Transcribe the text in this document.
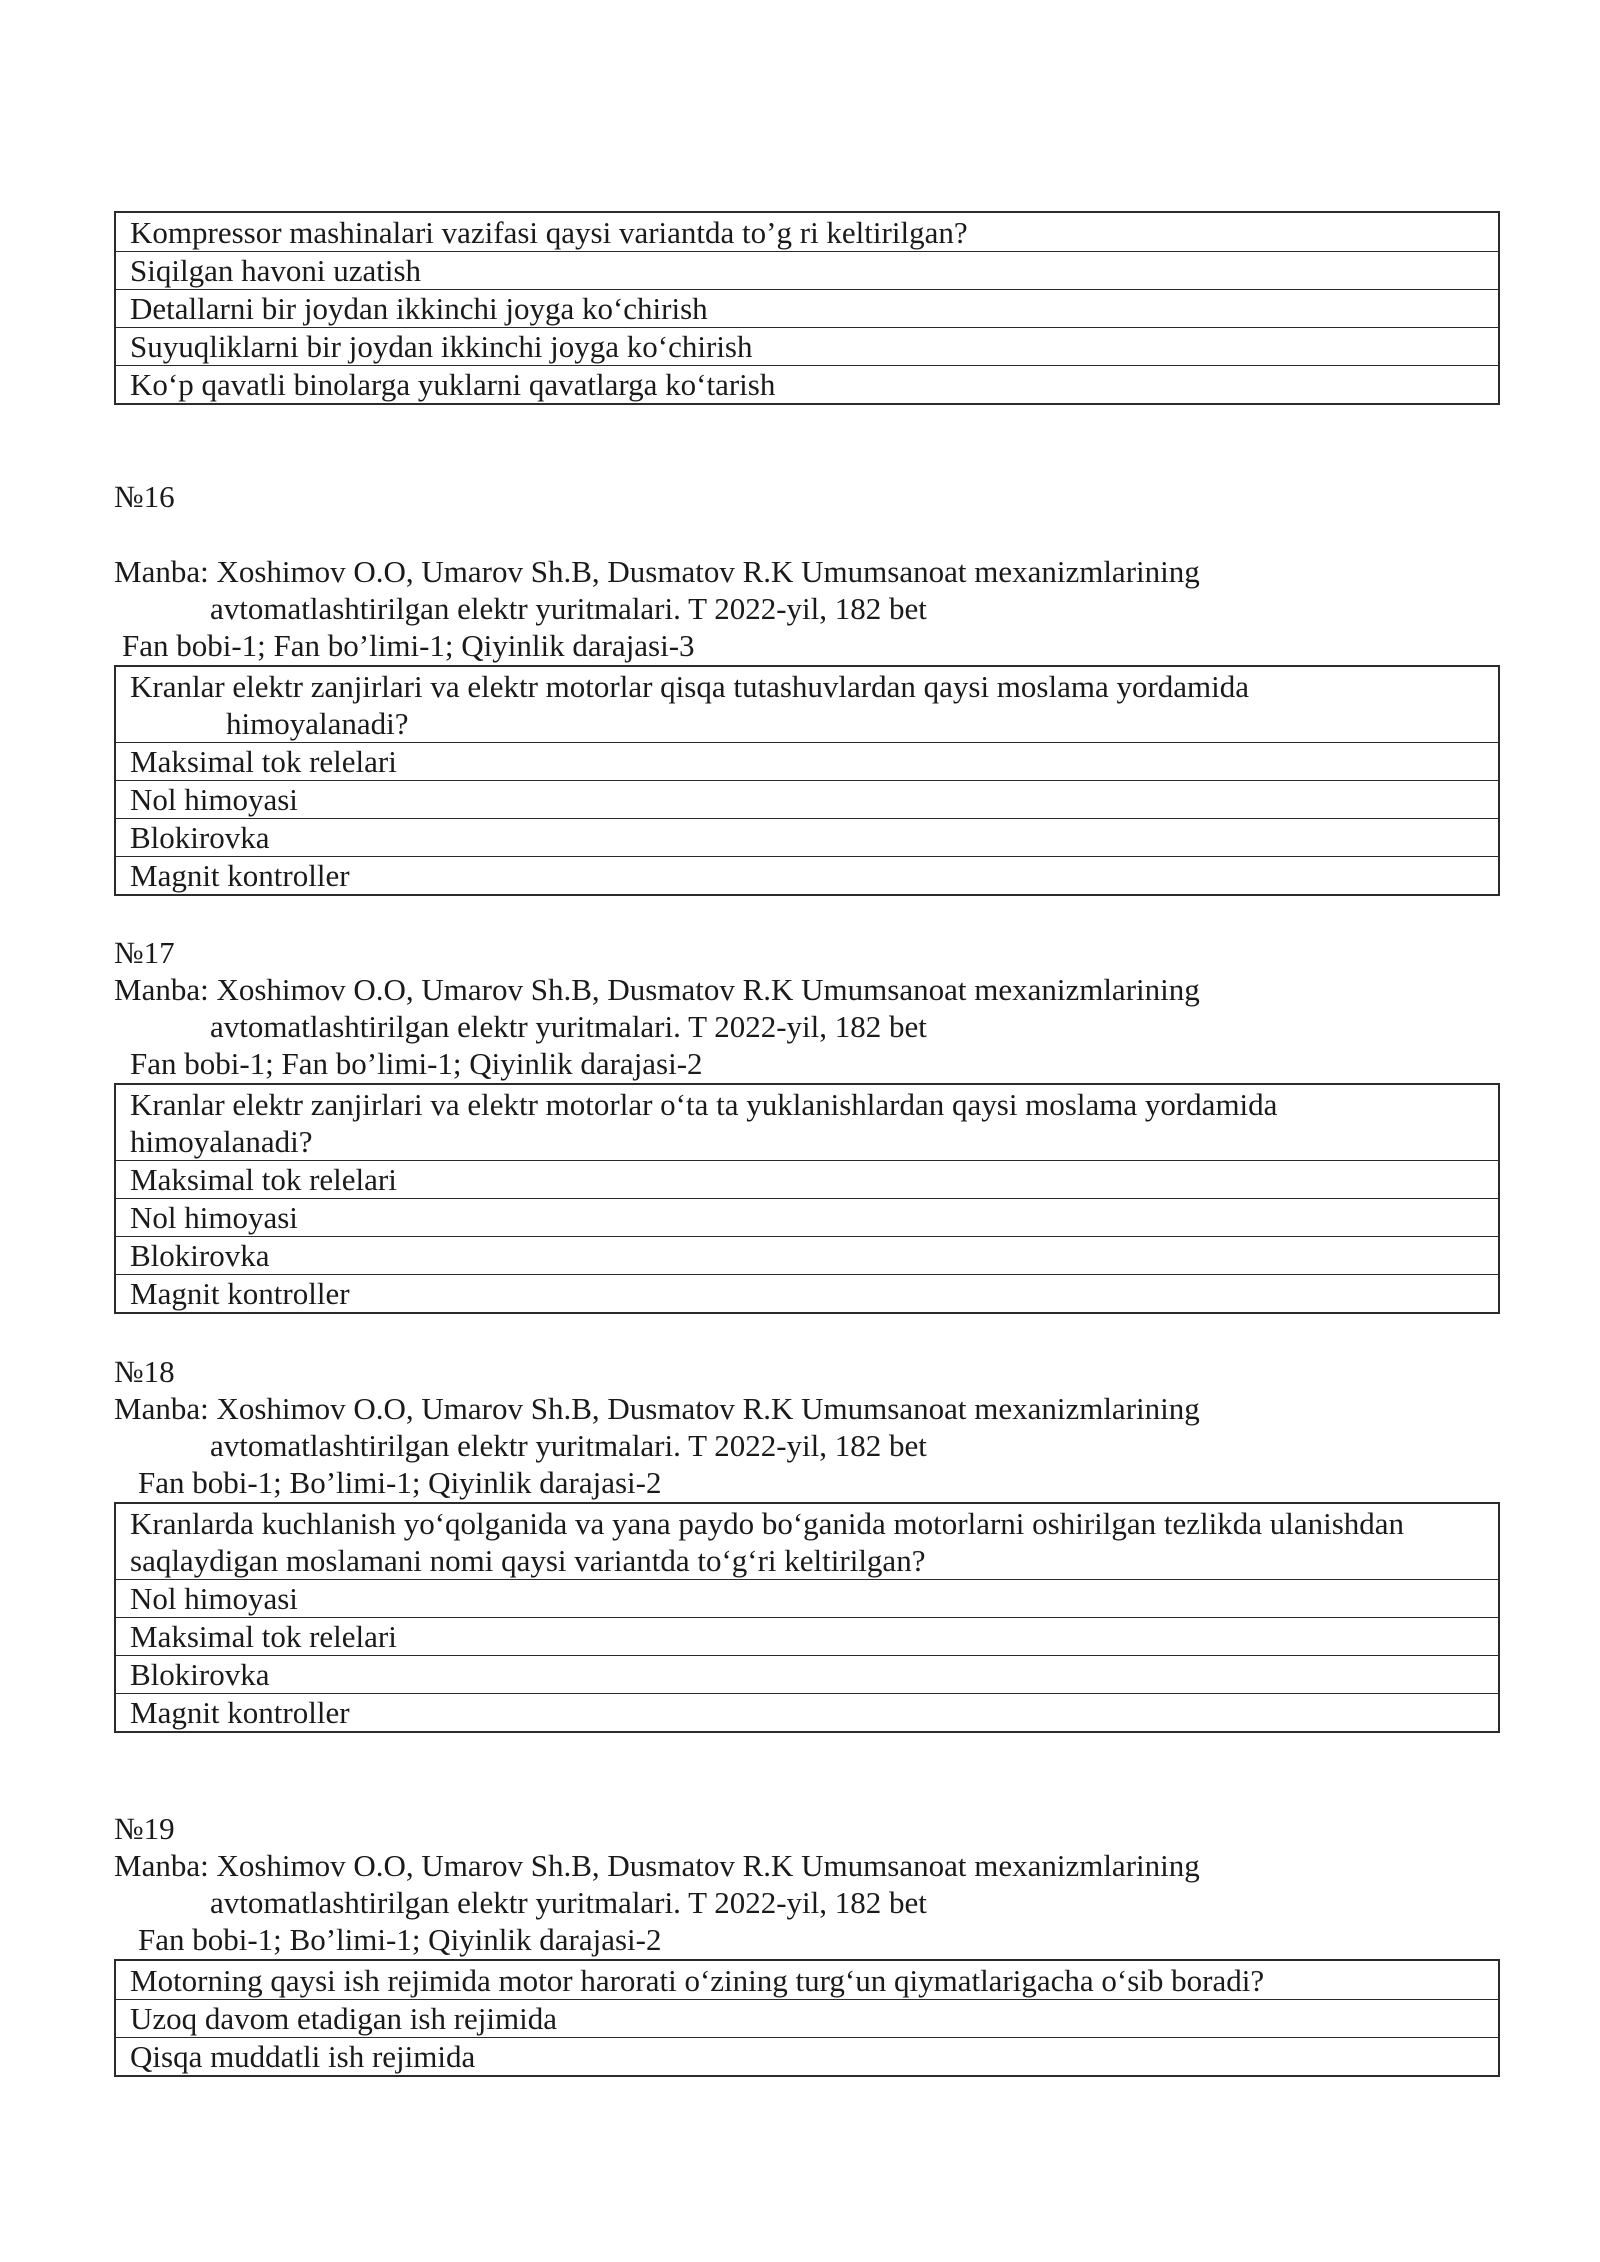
Kompressor mashinalari vazifasi qaysi variantda to’g ri keltirilgan?
Siqilgan havoni uzatish
Detallarni bir joydan ikkinchi joyga ko‘chirish
Suyuqliklarni bir joydan ikkinchi joyga ko‘chirish
Ko‘p qavatli binolarga yuklarni qavatlarga ko‘tarish
№16
Manba: Xoshimov O.O, Umarov Sh.B, Dusmatov R.K Umumsanoat mexanizmlarining
avtomatlashtirilgan elektr yuritmalari. T 2022-yil, 182 bet
Fan bobi-1; Fan bo’limi-1; Qiyinlik darajasi-3
Kranlar elektr zanjirlari va elektr motorlar qisqa tutashuvlardan qaysi moslama yordamida
himoyalanadi?
Maksimal tok relelari
Nol himoyasi
Blokirovka
Magnit kontroller
№17
Manba: Xoshimov O.O, Umarov Sh.B, Dusmatov R.K Umumsanoat mexanizmlarining
avtomatlashtirilgan elektr yuritmalari. T 2022-yil, 182 bet
Fan bobi-1; Fan bo’limi-1; Qiyinlik darajasi-2
Kranlar elektr zanjirlari va elektr motorlar o‘ta ta yuklanishlardan qaysi moslama yordamida
himoyalanadi?
Maksimal tok relelari
Nol himoyasi
Blokirovka
Magnit kontroller
№18
Manba: Xoshimov O.O, Umarov Sh.B, Dusmatov R.K Umumsanoat mexanizmlarining
avtomatlashtirilgan elektr yuritmalari. T 2022-yil, 182 bet
Fan bobi-1; Bo’limi-1; Qiyinlik darajasi-2
Kranlarda kuchlanish yo‘qolganida va yana paydo bo‘ganida motorlarni oshirilgan tezlikda ulanishdan
saqlaydigan moslamani nomi qaysi variantda to‘g‘ri keltirilgan?
Nol himoyasi
Maksimal tok relelari
Blokirovka
Magnit kontroller
№19
Manba: Xoshimov O.O, Umarov Sh.B, Dusmatov R.K Umumsanoat mexanizmlarining
avtomatlashtirilgan elektr yuritmalari. T 2022-yil, 182 bet
Fan bobi-1; Bo’limi-1; Qiyinlik darajasi-2
Motorning qaysi ish rejimida motor harorati o‘zining turg‘un qiymatlarigacha o‘sib boradi?
Uzoq davom etadigan ish rejimida
Qisqa muddatli ish rejimida
